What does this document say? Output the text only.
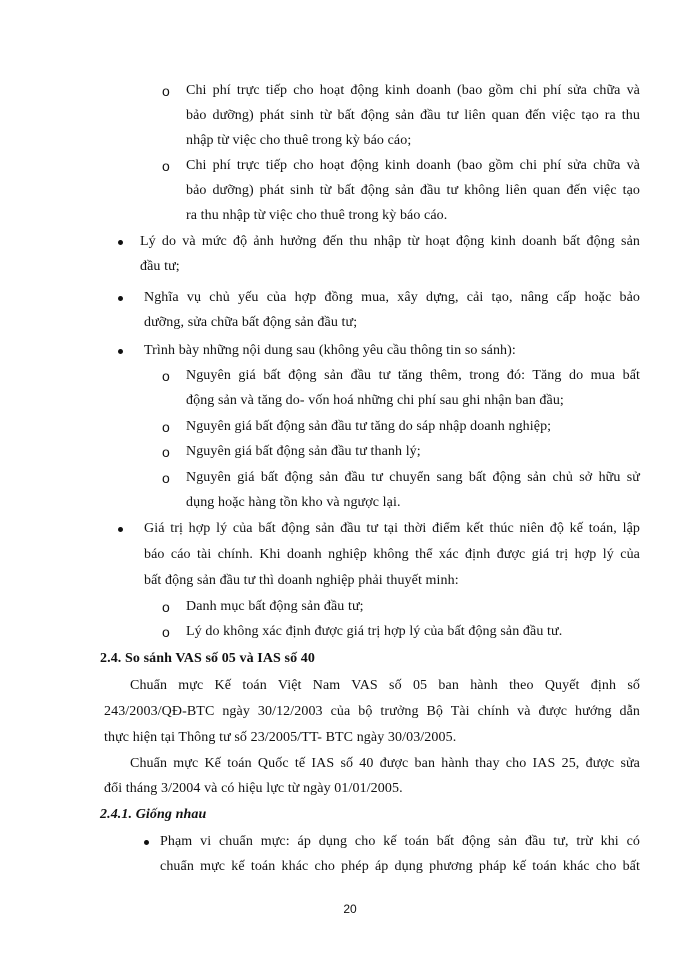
o Chi phí trực tiếp cho hoạt động kinh doanh (bao gồm chi phí sửa chữa và
bảo dưỡng) phát sinh từ bất động sản đầu tư liên quan đến việc tạo ra thu
nhập từ việc cho thuê trong kỳ báo cáo;
o Chi phí trực tiếp cho hoạt động kinh doanh (bao gồm chi phí sửa chữa và
bảo dưỡng) phát sinh từ bất động sản đầu tư không liên quan đến việc tạo
ra thu nhập từ việc cho thuê trong kỳ báo cáo.
Lý do và mức độ ảnh hưởng đến thu nhập từ hoạt động kinh doanh bất động sản
đầu tư;
Nghĩa vụ chủ yếu của hợp đồng mua, xây dựng, cải tạo, nâng cấp hoặc bảo
dưỡng, sửa chữa bất động sản đầu tư;
Trình bày những nội dung sau (không yêu cầu thông tin so sánh):
o Nguyên giá bất động sản đầu tư tăng thêm, trong đó: Tăng do mua bất
động sản và tăng do- vốn hoá những chi phí sau ghi nhận ban đầu;
o Nguyên giá bất động sản đầu tư tăng do sáp nhập doanh nghiệp;
o Nguyên giá bất động sản đầu tư thanh lý;
o Nguyên giá bất động sản đầu tư chuyển sang bất động sản chủ sở hữu sử
dụng hoặc hàng tồn kho và ngược lại.
Giá trị hợp lý của bất động sản đầu tư tại thời điểm kết thúc niên độ kế toán, lập
báo cáo tài chính. Khi doanh nghiệp không thể xác định được giá trị hợp lý của
bất động sản đầu tư thì doanh nghiệp phải thuyết minh:
o Danh mục bất động sản đầu tư;
o Lý do không xác định được giá trị hợp lý của bất động sản đầu tư.
2.4. So sánh VAS số 05 và IAS số 40
Chuẩn mực Kế toán Việt Nam VAS số 05 ban hành theo Quyết định số
243/2003/QĐ-BTC ngày 30/12/2003 của bộ trưởng Bộ Tài chính và được hướng dẫn
thực hiện tại Thông tư số 23/2005/TT- BTC ngày 30/03/2005.
Chuẩn mực Kế toán Quốc tế IAS số 40 được ban hành thay cho IAS 25, được sửa
đổi tháng 3/2004 và có hiệu lực từ ngày 01/01/2005.
2.4.1. Giống nhau
Phạm vi chuẩn mực: áp dụng cho kế toán bất động sản đầu tư, trừ khi có
chuẩn mực kế toán khác cho phép áp dụng phương pháp kế toán khác cho bất
20
